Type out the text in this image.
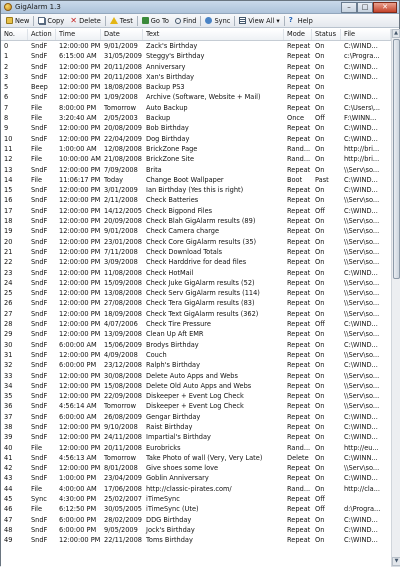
GigAlarm 1.3	–	□	✕
New	Copy ✕ Delete	Test	Go To Find	Sync	View All
▾ ? Help
No.	Action	Time	Date	Text	Mode	Status	File
0	SndF	12:00:00 PM 9/01/2009	Zack's Birthday	Repeat On	C:\WIND...
1	SndF	6:15:00 AM	31/05/2009 Steggy's Birthday	Repeat On	c:\Progra...
2	SndF	12:00:00 PM 20/11/2008 Anniversary	Repeat On	C:\WIND...
3	SndF	12:00:00 PM 20/11/2008 Xan's Birthday	Repeat On	C:\WIND...
5	Beep	12:00:00 PM 18/08/2008 Backup PS3	Repeat On
6	SndF	12:00:00 PM 1/09/2008	Archive (Software, Website + Mail)	Repeat On	C:\WIND...
7	File	8:00:00 PM	Tomorrow	Auto Backup	Repeat On	C:\Users\...
8	File	3:20:40 AM	2/05/2003	Backup	Once	Off	F:\WINN...
9	SndF	12:00:00 PM 20/08/2009 Bob Birthday	Repeat On	C:\WIND...
10	SndF	12:00:00 PM 22/04/2009 Dog Birthday	Repeat On	C:\WIND...
11	File	1:00:00 AM	12/08/2008 BrickZone Page	Rand... On	http://bri...
12	File	10:00:00 AM 21/08/2008 BrickZone Site	Rand... On	http://bri...
13	SndF	12:00:00 PM 7/09/2008	Brita	Repeat On	\\Serv\so...
14	File	11:06:17 PM Today	Change Boot Wallpaper	Boot	Past	C:\WIND...
15	SndF	12:00:00 PM 3/01/2009	Ian Birthday (Yes this is right)	Repeat On	C:\WIND...
16	SndF	12:00:00 PM 2/11/2008	Check Batteries	Repeat On	\\Serv\so...
17	SndF	12:00:00 PM 14/12/2005 Check Bigpond Files	Repeat Off	C:\WIND...
18	SndF	12:00:00 PM 20/09/2008 Check Blah GigAlarm results (89)	Repeat On	\\Serv\so...
19	SndF	12:00:00 PM 9/01/2008	Check Camera charge	Repeat On	\\Serv\so...
20	SndF	12:00:00 PM 23/01/2008 Check Core GigAlarm results (35)	Repeat On	\\Serv\so...
21	SndF	12:00:00 PM 7/11/2008	Check Download Totals	Repeat On	\\Serv\so...
22	SndF	12:00:00 PM 3/09/2008	Check Harddrive for dead files	Repeat On	\\Serv\so...
23	SndF	12:00:00 PM 11/08/2008 Check HotMail	Repeat On	C:\WIND...
24	SndF	12:00:00 PM 15/09/2008 Check Juke GigAlarm results (52)	Repeat On	\\Serv\so...
25	SndF	12:00:00 PM 13/08/2008 Check Serv GigAlarm results (114)	Repeat On	\\Serv\so...
26	SndF	12:00:00 PM 27/08/2008 Check Tera GigAlarm results (83)	Repeat On	\\Serv\so...
27	SndF	12:00:00 PM 18/09/2008 Check Text GigAlarm results (362)	Repeat On	\\Serv\so...
28	SndF	12:00:00 PM 4/07/2006	Check Tire Pressure	Repeat Off	C:\WIND...
29	SndF	12:00:00 PM 13/09/2008 Clean Up Aft EMR	Repeat On	\\Serv\so...
30	SndF	6:00:00 AM	15/06/2009 Brodys Birthday	Repeat On	C:\WIND...
31	SndF	12:00:00 PM 4/09/2008	Couch	Repeat On	\\Serv\so...
32	SndF	6:00:00 PM	23/12/2008 Ralph's Birthday	Repeat On	C:\WIND...
33	SndF	12:00:00 PM 30/08/2008 Delete Auto Apps and Webs	Repeat On	\\Serv\so...
34	SndF	12:00:00 PM 15/08/2008 Delete Old Auto Apps and Webs	Repeat On	\\Serv\so...
35	SndF	12:00:00 PM 22/09/2008 Diskeeper + Event Log Check	Repeat On	\\Serv\so...
36	SndF	4:56:14 AM	Tomorrow	Diskeeper + Event Log Check	Repeat On	\\Serv\so...
37	SndF	6:00:00 AM	26/08/2009 Gengar Birthday	Repeat On	C:\WIND...
38	SndF	12:00:00 PM 9/10/2008	Raist Birthday	Repeat On	C:\WIND...
39	SndF	12:00:00 PM 24/11/2008 Impartial's Birthday	Repeat On	C:\WIND...
40	File	12:00:00 PM 20/11/2008 Eurobricks	Rand... On	http://eu...
41	SndF	4:56:13 AM	Tomorrow	Take Photo of wall (Very, Very Late)	Delete On	C:\WINN...
42	SndF	12:00:00 PM 8/01/2008	Give shoes some love	Repeat On	\\Serv\so...
43	SndF	1:00:00 PM	23/04/2009 Goblin Anniversary	Repeat On	C:\WIND...
44	File	4:00:00 AM	17/06/2008 http://classic-pirates.com/	Rand... On	http://cla...
45	Sync	4:30:00 PM	25/02/2007 iTimeSync	Repeat Off
46	File	6:12:50 PM	30/05/2005 iTimeSync (Ute)	Repeat Off	d:\Progra...
47	SndF	6:00:00 PM	28/02/2009 DDG Birthday	Repeat On	C:\WIND...
48	SndF	6:00:00 PM	9/05/2009	Jock's Birthday	Repeat On	C:\WIND...
49	SndF	12:00:00 PM 22/11/2008 Toms Birthday	Repeat On	C:\WIND...
▲
▼
